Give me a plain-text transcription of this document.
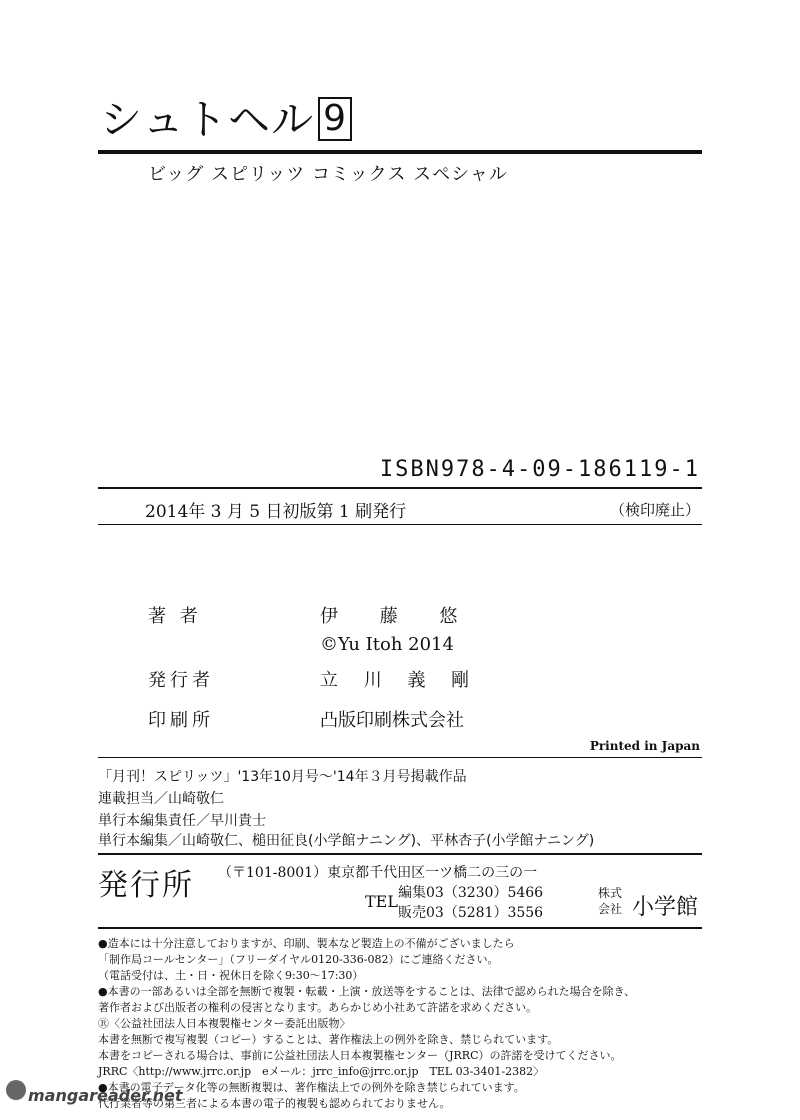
シュトヘル 9
ビッグ スピリッツ コミックス スペシャル
ISBN978-4-09-186119-1
2014年 3 月 5 日初版第 1 刷発行	（検印廃止）
著 者	伊 藤 悠
©Yu Itoh 2014
発行者	立 川 義 剛
印刷所	凸版印刷株式会社
Printed in Japan
「月刊！スピリッツ」'13年10月号〜'14年３月号掲載作品
連載担当／山崎敬仁
単行本編集責任／早川貴士
単行本編集／山崎敬仁、槌田征良(小学館ナニング)、平林杏子(小学館ナニング)
発行所 （〒101-8001）東京都千代田区一ツ橋二の三の一
TEL 編集03（3230）5466
販売03（5281）3556
株式
会社 小学館
●造本には十分注意しておりますが、印刷、製本など製造上の不備がございましたら
「制作局コールセンター」（フリーダイヤル0120-336-082）にご連絡ください。
（電話受付は、土・日・祝休日を除く9:30〜17:30）
●本書の一部あるいは全部を無断で複製・転載・上演・放送等をすることは、法律で認められた場合を除き、
著作者および出版者の権利の侵害となります。あらかじめ小社あて許諾を求めください。
Ⓡ〈公益社団法人日本複製権センター委託出版物〉
本書を無断で複写複製（コピー）することは、著作権法上の例外を除き、禁じられています。
本書をコピーされる場合は、事前に公益社団法人日本複製権センター（JRRC）の許諾を受けてください。
JRRC〈http://www.jrrc.or.jp　eメール：jrrc_info@jrrc.or.jp　TEL 03-3401-2382〉
●本書の電子データ化等の無断複製は、著作権法上での例外を除き禁じられています。
代行業者等の第三者による本書の電子的複製も認められておりません。
mangareader.net
